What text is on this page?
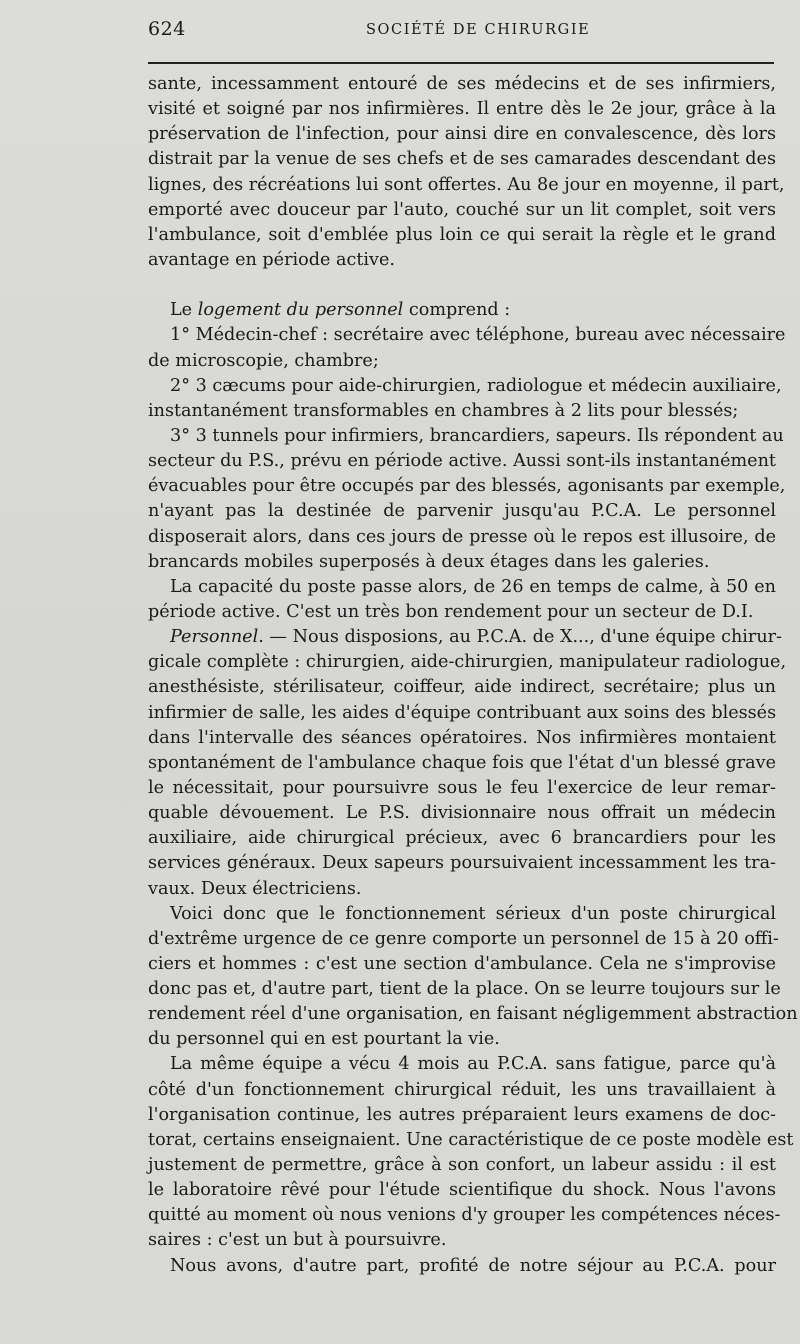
624	SOCIÉTÉ DE CHIRURGIE
sante, incessamment entouré de ses médecins et de ses infirmiers,
visité et soigné par nos infirmières. Il entre dès le 2e jour, grâce à la
préservation de l'infection, pour ainsi dire en convalescence, dès lors
distrait par la venue de ses chefs et de ses camarades descendant des
lignes, des récréations lui sont offertes. Au 8e jour en moyenne, il part,
emporté avec douceur par l'auto, couché sur un lit complet, soit vers
l'ambulance, soit d'emblée plus loin ce qui serait la règle et le grand
avantage en période active.
Le logement du personnel comprend :
1° Médecin-chef : secrétaire avec téléphone, bureau avec nécessaire
de microscopie, chambre;
2° 3 cæcums pour aide-chirurgien, radiologue et médecin auxiliaire,
instantanément transformables en chambres à 2 lits pour blessés;
3° 3 tunnels pour infirmiers, brancardiers, sapeurs. Ils répondent au
secteur du P.S., prévu en période active. Aussi sont-ils instantanément
évacuables pour être occupés par des blessés, agonisants par exemple,
n'ayant pas la destinée de parvenir jusqu'au P.C.A. Le personnel
disposerait alors, dans ces jours de presse où le repos est illusoire, de
brancards mobiles superposés à deux étages dans les galeries.
La capacité du poste passe alors, de 26 en temps de calme, à 50 en
période active. C'est un très bon rendement pour un secteur de D.I.
Personnel. — Nous disposions, au P.C.A. de X..., d'une équipe chirur-
gicale complète : chirurgien, aide-chirurgien, manipulateur radiologue,
anesthésiste, stérilisateur, coiffeur, aide indirect, secrétaire; plus un
infirmier de salle, les aides d'équipe contribuant aux soins des blessés
dans l'intervalle des séances opératoires. Nos infirmières montaient
spontanément de l'ambulance chaque fois que l'état d'un blessé grave
le nécessitait, pour poursuivre sous le feu l'exercice de leur remar-
quable dévouement. Le P.S. divisionnaire nous offrait un médecin
auxiliaire, aide chirurgical précieux, avec 6 brancardiers pour les
services généraux. Deux sapeurs poursuivaient incessamment les tra-
vaux. Deux électriciens.
Voici donc que le fonctionnement sérieux d'un poste chirurgical
d'extrême urgence de ce genre comporte un personnel de 15 à 20 offi-
ciers et hommes : c'est une section d'ambulance. Cela ne s'improvise
donc pas et, d'autre part, tient de la place. On se leurre toujours sur le
rendement réel d'une organisation, en faisant négligemment abstraction
du personnel qui en est pourtant la vie.
La même équipe a vécu 4 mois au P.C.A. sans fatigue, parce qu'à
côté d'un fonctionnement chirurgical réduit, les uns travaillaient à
l'organisation continue, les autres préparaient leurs examens de doc-
torat, certains enseignaient. Une caractéristique de ce poste modèle est
justement de permettre, grâce à son confort, un labeur assidu : il est
le laboratoire rêvé pour l'étude scientifique du shock. Nous l'avons
quitté au moment où nous venions d'y grouper les compétences néces-
saires : c'est un but à poursuivre.
Nous avons, d'autre part, profité de notre séjour au P.C.A. pour
